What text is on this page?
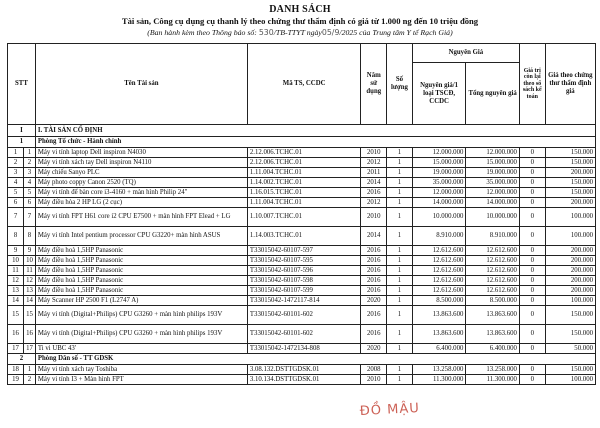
DANH SÁCH
Tài sản, Công cụ dụng cụ thanh lý theo chứng thư thẩm định có giá từ 1.000 ng đến 10 triệu đồng
(Ban hành kèm theo Thông báo số: 530/TB-TTYT ngày05/9/2025 của Trung tâm Y tế Rạch Giá)
STT		Tên Tài sản	Mã TS, CCDC	Năm sử dụng	Số lượng	Nguyên Giá		Giá trị còn lại theo sổ sách kế toán	Giá theo chứng thư thẩm định giá
						Nguyên giá/1 loại TSCĐ, CCDC	Tổng nguyên giá		
I		I. TÀI SẢN CỐ ĐỊNH							
1		Phòng Tổ chức - Hành chính							
1	1	Máy vi tính laptop Dell inspiron N4030	2.12.006.TCHC.01	2010	1	12.000.000	12.000.000	0	150.000
2	2	Máy vi tính xách tay Dell inspiron N4110	2.12.006.TCHC.01	2012	1	15.000.000	15.000.000	0	150.000
3	3	Máy chiếu Sanyo PLC	1.11.004.TCHC.01	2011	1	19.000.000	19.000.000	0	200.000
4	4	Máy photo coppy Canon 2520 (TQ)	1.14.002.TCHC.01	2014	1	35.000.000	35.000.000	0	150.000
5	5	Máy vi tính để bàn core i3-4160 + màn hình Philip 24"	1.16.015.TCHC.01	2016	1	12.000.000	12.000.000	0	150.000
6	6	Máy điều hòa 2 HP LG (2 cục)	1.11.004.TCHC.01	2012	1	14.000.000	14.000.000	0	200.000
7	7	Máy vi tính FPT H61 core i2 CPU E7500 + màn hình FPT Elead + LG	1.10.007.TCHC.01	2010	1	10.000.000	10.000.000	0	100.000
8	8	Máy vi tính Intel pentium processor CPU G3220+ màn hình ASUS	1.14.003.TCHC.01	2014	1	8.910.000	8.910.000	0	100.000
9	9	Máy điều hoà 1,5HP Panasonic	T33015042-60107-597	2016	1	12.612.600	12.612.600	0	200.000
10	10	Máy điều hoà 1,5HP Panasonic	T33015042-60107-595	2016	1	12.612.600	12.612.600	0	200.000
11	11	Máy điều hoà 1,5HP Panasonic	T33015042-60107-596	2016	1	12.612.600	12.612.600	0	200.000
12	12	Máy điều hoà 1,5HP Panasonic	T33015042-60107-598	2016	1	12.612.600	12.612.600	0	200.000
13	13	Máy điều hoà 1,5HP Panasonic	T33015042-60107-599	2016	1	12.612.600	12.612.600	0	200.000
14	14	Máy Scanner HP 2500 F1 (L2747 A)	T33015042-1472117-814	2020	1	8.500.000	8.500.000	0	100.000
15	15	Máy vi tính (Digital+Philips) CPU G3260 + màn hình philips 193V	T33015042-60101-602	2016	1	13.863.600	13.863.600	0	150.000
16	16	Máy vi tính (Digital+Philips) CPU G3260 + màn hình philips 193V	T33015042-60101-602	2016	1	13.863.600	13.863.600	0	150.000
17	17	Ti vi UBC 43'	T33015042-1472134-808	2020	1	6.400.000	6.400.000	0	50.000
2		Phòng Dân số - TT GDSK							
18	1	Máy vi tính xách tay Toshiba	3.08.132.DSTTGDSK.01	2008	1	13.258.000	13.258.000	0	150.000
19	2	Máy vi tính I3 + Màn hình FPT	3.10.134.DSTTGDSK.01	2010	1	11.300.000	11.300.000	0	100.000
ĐỒ MẬU
